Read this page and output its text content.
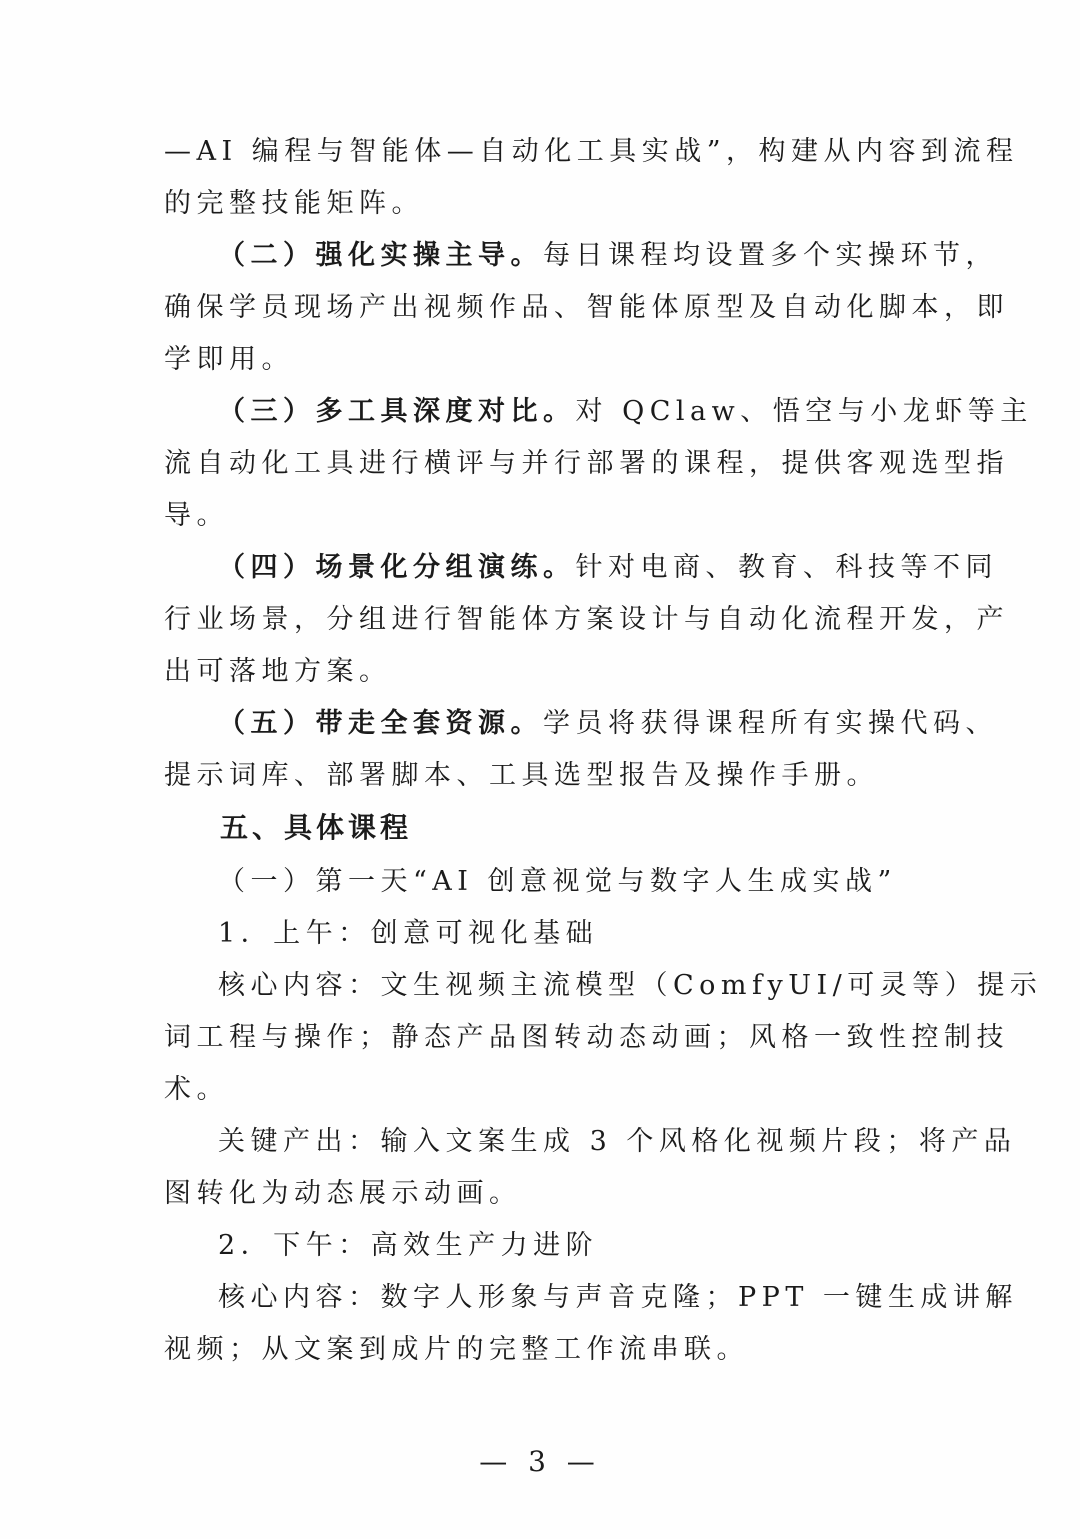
—AI 编程与智能体—自动化工具实战”，构建从内容到流程
的完整技能矩阵。
（二）强化实操主导。每日课程均设置多个实操环节，
确保学员现场产出视频作品、智能体原型及自动化脚本，即
学即用。
（三）多工具深度对比。对 QClaw、悟空与小龙虾等主
流自动化工具进行横评与并行部署的课程，提供客观选型指
导。
（四）场景化分组演练。针对电商、教育、科技等不同
行业场景，分组进行智能体方案设计与自动化流程开发，产
出可落地方案。
（五）带走全套资源。学员将获得课程所有实操代码、
提示词库、部署脚本、工具选型报告及操作手册。
五、具体课程
（一）第一天“AI 创意视觉与数字人生成实战”
1．上午：创意可视化基础
核心内容：文生视频主流模型（ComfyUI/可灵等）提示
词工程与操作；静态产品图转动态动画；风格一致性控制技
术。
关键产出：输入文案生成 3 个风格化视频片段；将产品
图转化为动态展示动画。
2．下午：高效生产力进阶
核心内容：数字人形象与声音克隆；PPT 一键生成讲解
视频；从文案到成片的完整工作流串联。
— 3 —
